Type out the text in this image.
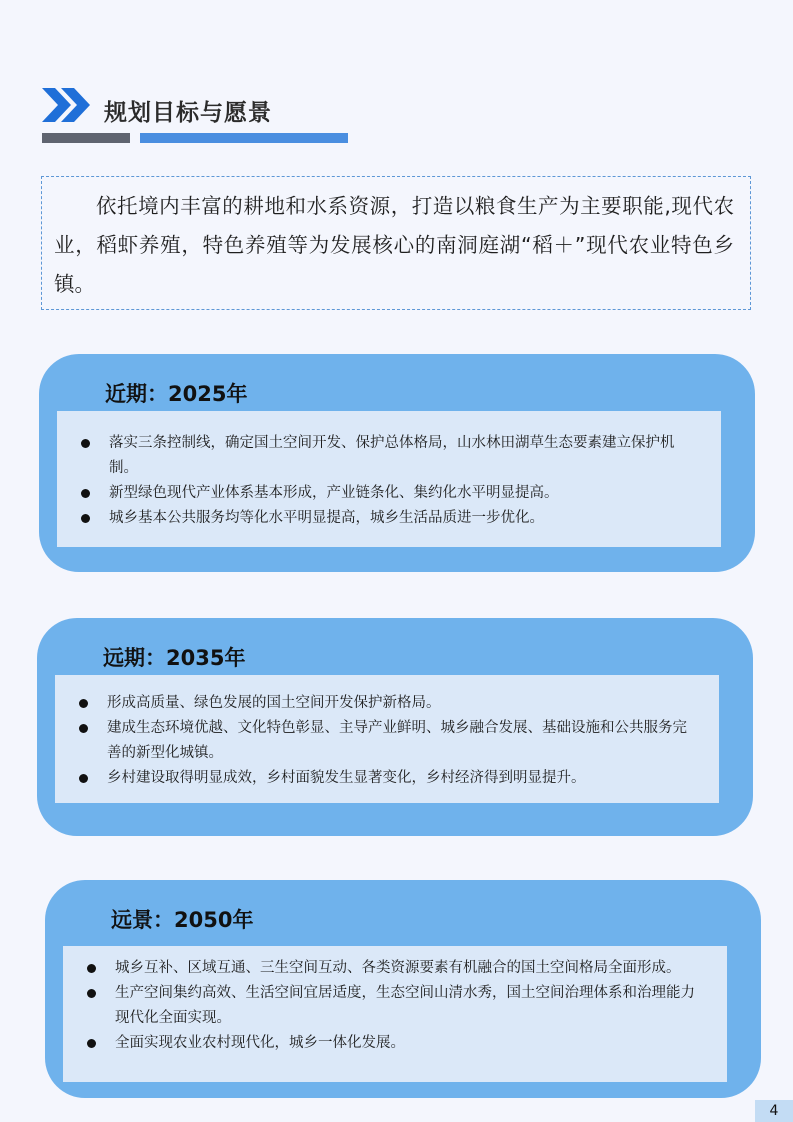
规划目标与愿景
依托境内丰富的耕地和水系资源，打造以粮食生产为主要职能,现代农业，稻虾养殖，特色养殖等为发展核心的南洞庭湖“稻＋”现代农业特色乡镇。
近期：2025年
落实三条控制线，确定国土空间开发、保护总体格局，山水林田湖草生态要素建立保护机制。
新型绿色现代产业体系基本形成，产业链条化、集约化水平明显提高。
城乡基本公共服务均等化水平明显提高，城乡生活品质进一步优化。
远期：2035年
形成高质量、绿色发展的国土空间开发保护新格局。
建成生态环境优越、文化特色彰显、主导产业鲜明、城乡融合发展、基础设施和公共服务完善的新型化城镇。
乡村建设取得明显成效，乡村面貌发生显著变化，乡村经济得到明显提升。
远景：2050年
城乡互补、区域互通、三生空间互动、各类资源要素有机融合的国土空间格局全面形成。
生产空间集约高效、生活空间宜居适度，生态空间山清水秀，国土空间治理体系和治理能力现代化全面实现。
全面实现农业农村现代化，城乡一体化发展。
4
